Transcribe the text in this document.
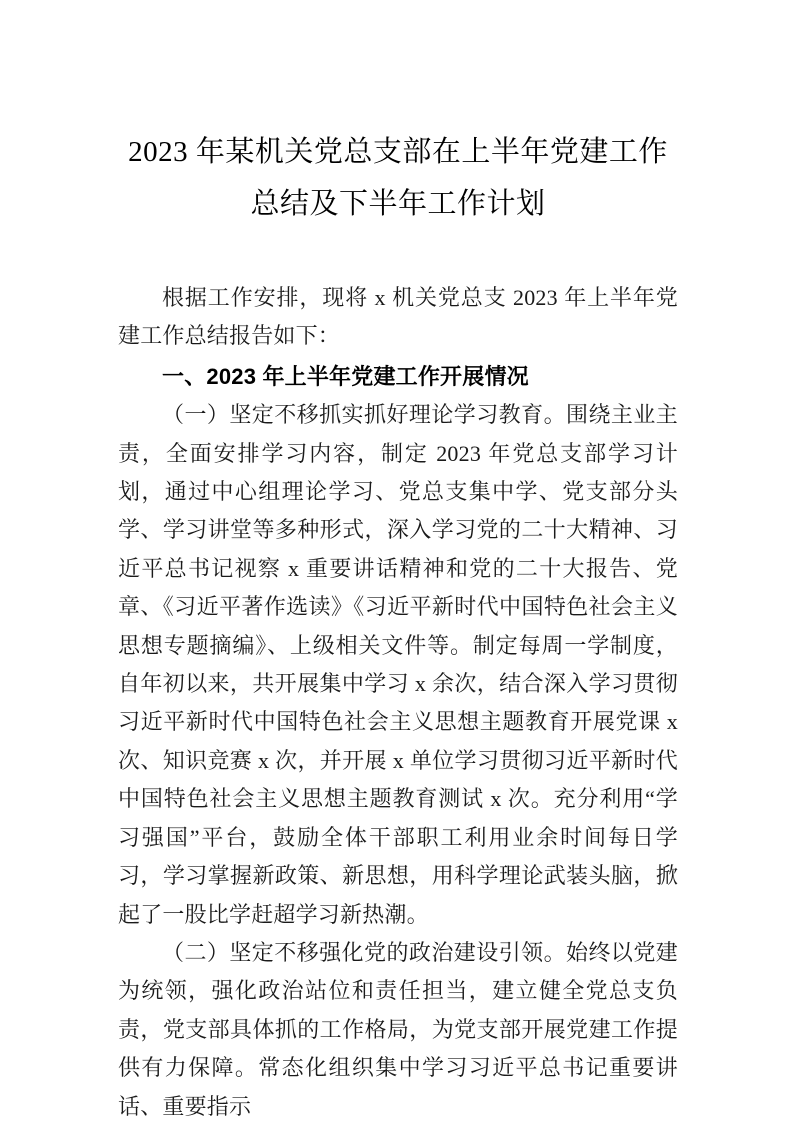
2023 年某机关党总支部在上半年党建工作总结及下半年工作计划

根据工作安排，现将 x 机关党总支 2023 年上半年党建工作总结报告如下：

一、2023 年上半年党建工作开展情况

（一）坚定不移抓实抓好理论学习教育。围绕主业主责，全面安排学习内容，制定 2023 年党总支部学习计划，通过中心组理论学习、党总支集中学、党支部分头学、学习讲堂等多种形式，深入学习党的二十大精神、习近平总书记视察 x 重要讲话精神和党的二十大报告、党章、《习近平著作选读》《习近平新时代中国特色社会主义思想专题摘编》、上级相关文件等。制定每周一学制度，自年初以来，共开展集中学习 x 余次，结合深入学习贯彻习近平新时代中国特色社会主义思想主题教育开展党课 x 次、知识竞赛 x 次，并开展 x 单位学习贯彻习近平新时代中国特色社会主义思想主题教育测试 x 次。充分利用“学习强国”平台，鼓励全体干部职工利用业余时间每日学习，学习掌握新政策、新思想，用科学理论武装头脑，掀起了一股比学赶超学习新热潮。

（二）坚定不移强化党的政治建设引领。始终以党建为统领，强化政治站位和责任担当，建立健全党总支负责，党支部具体抓的工作格局，为党支部开展党建工作提供有力保障。常态化组织集中学习习近平总书记重要讲话、重要指示
